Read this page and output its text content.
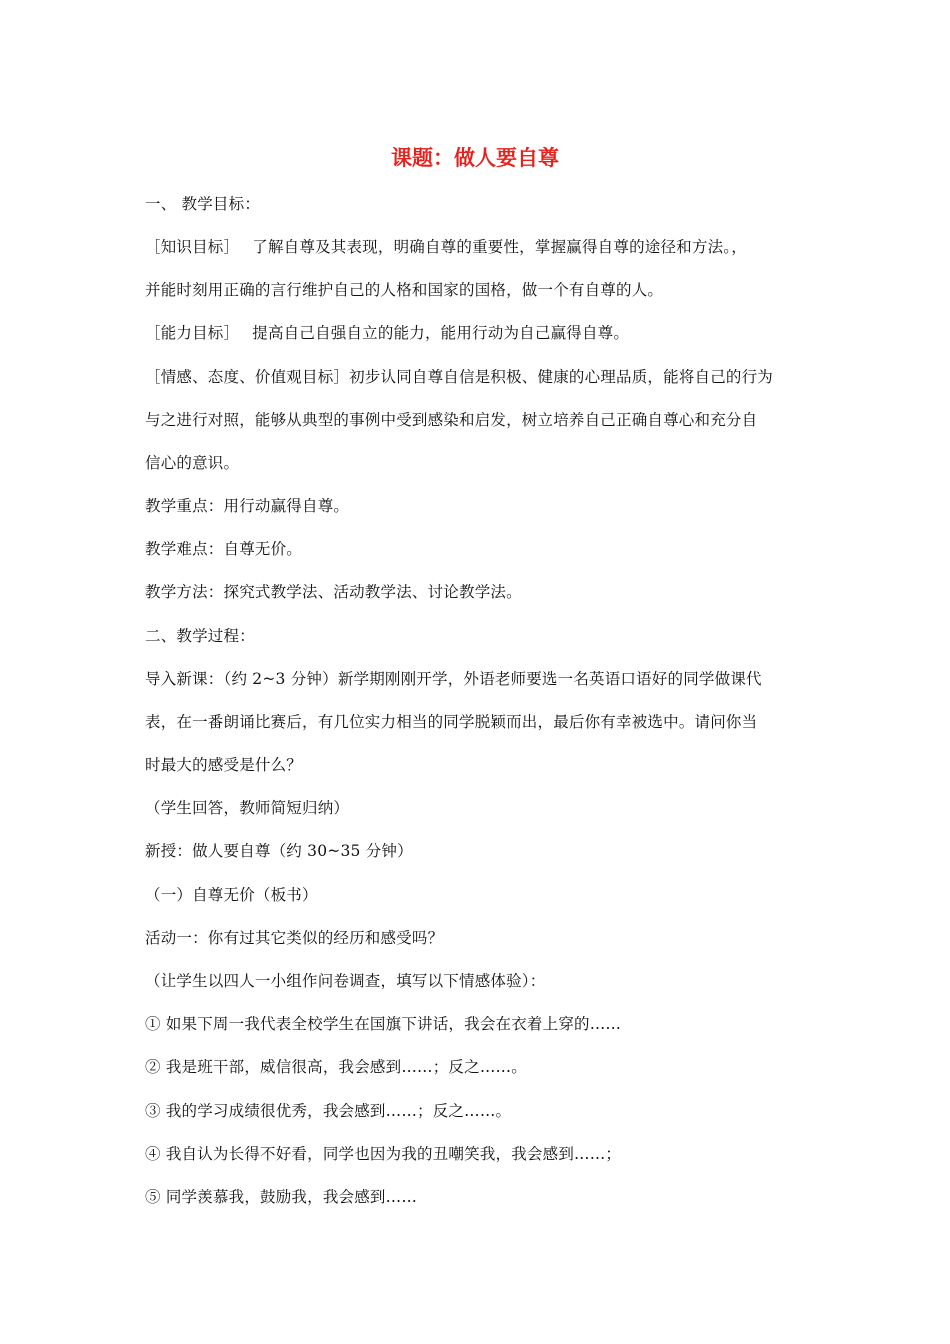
课题：做人要自尊
一、 教学目标：
［知识目标］　 了解自尊及其表现，明确自尊的重要性，掌握赢得自尊的途径和方法。，
并能时刻用正确的言行维护自己的人格和国家的国格，做一个有自尊的人。
［能力目标］　 提高自己自强自立的能力，能用行动为自己赢得自尊。
［情感、态度、价值观目标］初步认同自尊自信是积极、健康的心理品质，能将自己的行为
与之进行对照，能够从典型的事例中受到感染和启发，树立培养自己正确自尊心和充分自
信心的意识。
教学重点：用行动赢得自尊。
教学难点：自尊无价。
教学方法：探究式教学法、活动教学法、讨论教学法。
二、教学过程：
导入新课：（约 2~3 分钟）新学期刚刚开学，外语老师要选一名英语口语好的同学做课代
表，在一番朗诵比赛后，有几位实力相当的同学脱颖而出，最后你有幸被选中。请问你当
时最大的感受是什么？
（学生回答，教师简短归纳）
新授：做人要自尊（约 30~35 分钟）
（一）自尊无价（板书）
活动一：你有过其它类似的经历和感受吗？
（让学生以四人一小组作问卷调查，填写以下情感体验）：
① 如果下周一我代表全校学生在国旗下讲话，我会在衣着上穿的……
② 我是班干部，威信很高，我会感到……；反之……。
③ 我的学习成绩很优秀，我会感到……；反之……。
④ 我自认为长得不好看，同学也因为我的丑嘲笑我，我会感到……；
⑤ 同学羡慕我，鼓励我，我会感到……
